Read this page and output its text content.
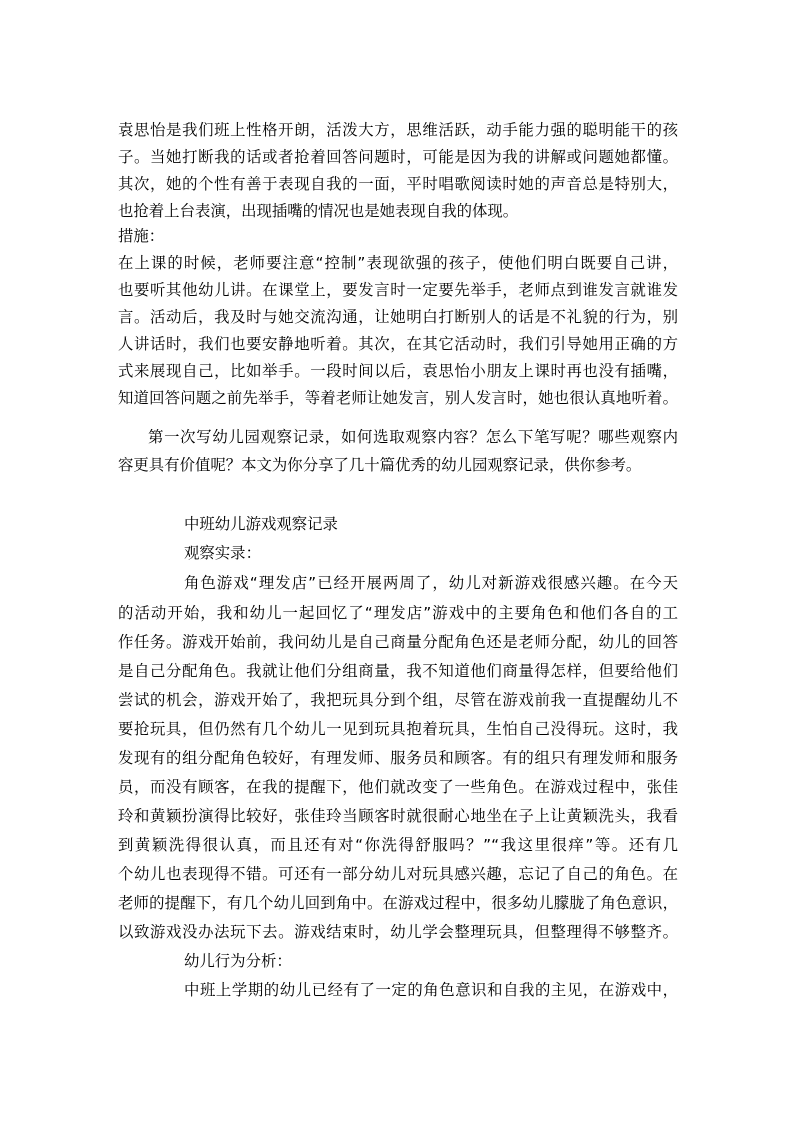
袁思怡是我们班上性格开朗，活泼大方，思维活跃，动手能力强的聪明能干的孩
子。当她打断我的话或者抢着回答问题时，可能是因为我的讲解或问题她都懂。
其次，她的个性有善于表现自我的一面，平时唱歌阅读时她的声音总是特别大，
也抢着上台表演，出现插嘴的情况也是她表现自我的体现。
措施：
在上课的时候，老师要注意“控制”表现欲强的孩子，使他们明白既要自己讲，
也要听其他幼儿讲。在课堂上，要发言时一定要先举手，老师点到谁发言就谁发
言。活动后，我及时与她交流沟通，让她明白打断别人的话是不礼貌的行为，别
人讲话时，我们也要安静地听着。其次，在其它活动时，我们引导她用正确的方
式来展现自己，比如举手。一段时间以后，袁思怡小朋友上课时再也没有插嘴，
知道回答问题之前先举手，等着老师让她发言，别人发言时，她也很认真地听着。
第一次写幼儿园观察记录，如何选取观察内容？怎么下笔写呢？哪些观察内
容更具有价值呢？本文为你分享了几十篇优秀的幼儿园观察记录，供你参考。
中班幼儿游戏观察记录
观察实录：
角色游戏“理发店”已经开展两周了，幼儿对新游戏很感兴趣。在今天
的活动开始，我和幼儿一起回忆了“理发店”游戏中的主要角色和他们各自的工
作任务。游戏开始前，我问幼儿是自己商量分配角色还是老师分配，幼儿的回答
是自己分配角色。我就让他们分组商量，我不知道他们商量得怎样，但要给他们
尝试的机会，游戏开始了，我把玩具分到个组，尽管在游戏前我一直提醒幼儿不
要抢玩具，但仍然有几个幼儿一见到玩具抱着玩具，生怕自己没得玩。这时，我
发现有的组分配角色较好，有理发师、服务员和顾客。有的组只有理发师和服务
员，而没有顾客，在我的提醒下，他们就改变了一些角色。在游戏过程中，张佳
玲和黄颖扮演得比较好，张佳玲当顾客时就很耐心地坐在子上让黄颖洗头，我看
到黄颖洗得很认真，而且还有对“你洗得舒服吗？”“我这里很痒”等。还有几
个幼儿也表现得不错。可还有一部分幼儿对玩具感兴趣，忘记了自己的角色。在
老师的提醒下，有几个幼儿回到角中。在游戏过程中，很多幼儿朦胧了角色意识，
以致游戏没办法玩下去。游戏结束时，幼儿学会整理玩具，但整理得不够整齐。
幼儿行为分析：
中班上学期的幼儿已经有了一定的角色意识和自我的主见，在游戏中，
